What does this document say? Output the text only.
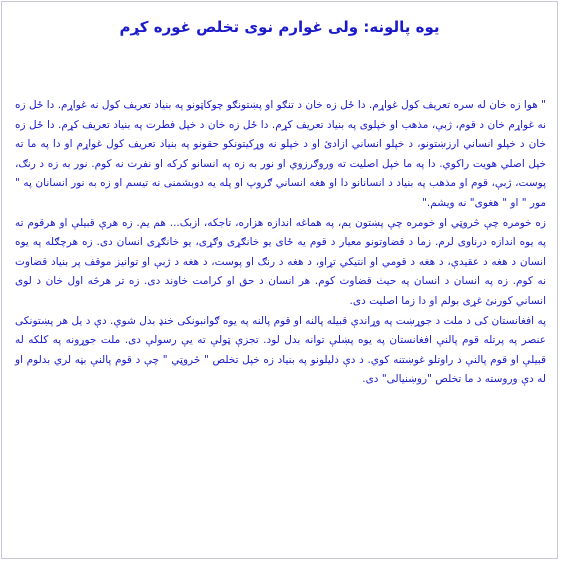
یوه پالونه: ولی غوارم نوی تخلص غوره کړم

" هوا زه خان له سره تعریف کول غواړم. دا ځل زه خان د تنګو او پښتونګو چوکاټونو په بنیاد تعریف کول نه غواړم. دا ځل زه نه غواړم خان د قوم، ژبې، مذهب او خپلوی په بنیاد تعریف کړم. دا ځل زه خان د خپل فطرت په بنیاد تعریف کړم. دا ځل زه خان د خپلو انساني ارزښتونو، د خپلو انساني ازادئ او د خپلو نه وړکیتونکو حقونو په بنیاد تعریف کول غواړم او دا په ما ته خپل اصلي هویت راکوي. دا په ما خپل اصلیت ته وروګرزوي او نور به زه په انسانو کرکه او نفرت نه کوم. نور به زه د رنګ، پوست، ژبې، قوم او مذهب په بنیاد د انسانانو دا او هغه انساني ګروپ او پله یه دوبشمنی نه تیسم او زه به نور انسانان په " مور " او " هغوی" نه ویشم."

زه خومره چې څروټي او خومره چې پښتون یم، په هماغه اندازه هزاره، تاجکه، ازبک... هم یم. زه هرې قبیلې او هرقوم ته په یوه اندازه درناوی لرم. زما د قضاوتونو معیار د قوم یه ځای یو خانګړی وګړی، یو خانګړی انسان دی. زه هرچګله په یوه انسان د هغه د عقیدې، د هغه د قومي او انتیکي تړاو، د هغه د رنګ او پوست، د هغه د ژبې او توانیز موقف پر بنیاد قضاوت نه کوم. زه په انسان د انسان په حیث قضاوت کوم. هر انسان د حق او کرامت خاوند دی. زه تر هرڅه اول خان د لوی انساني کورنئ غړی بولم او دا زما اصلیت دی.

په افغانستان کی د ملت د جوړښت په وړاندې قبیله پالنه او قوم پالنه په یوه ګوانبونکی خنډ بدل شوې. دې د یل هر پښتونکی عنصر په پرتله قوم پالنې افغانستان په یوه پښلې توانه بدل لود. تجزې ټولې ته یې رسولې دی. ملت جوړونه په کلکه له قبیلې او قوم پالنې د راوتلو غوښتنه کوي. د دې دلیلونو په بنیاد زه خپل تخلص " څروټي " چې د قوم پالنې بڼه لري بدلوم او له دې وروسته د ما تخلص "روښنیالی" دی.
